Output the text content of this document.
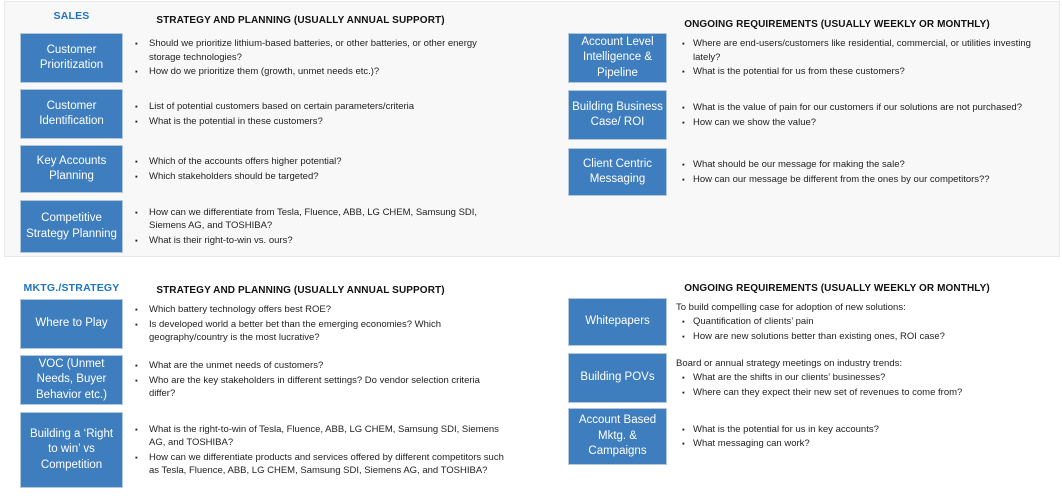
SALES	STRATEGY AND PLANNING (USUALLY ANNUAL SUPPORT)	ONGOING REQUIREMENTS (USUALLY WEEKLY OR MONTHLY)
Customer Prioritization
▪	Should we prioritize lithium-based batteries, or other batteries, or other energy storage technologies?
▪	How do we prioritize them (growth, unmet needs etc.)?
Customer Identification
▪	List of potential customers based on certain parameters/criteria
▪	What is the potential in these customers?
Key Accounts Planning
▪	Which of the accounts offers higher potential?
▪	Which stakeholders should be targeted?
Competitive Strategy Planning
▪	How can we differentiate from Tesla, Fluence, ABB, LG CHEM, Samsung SDI, Siemens AG, and TOSHIBA?
▪	What is their right-to-win vs. ours?
Account Level Intelligence & Pipeline
▪ Where are end-users/customers like residential, commercial, or utilities investing lately?
▪ What is the potential for us from these customers?
Building Business Case/ ROI
▪ What is the value of pain for our customers if our solutions are not purchased?
▪ How can we show the value?
Client Centric Messaging
▪ What should be our message for making the sale?
▪ How can our message be different from the ones by our competitors??
MKTG./STRATEGY	STRATEGY AND PLANNING (USUALLY ANNUAL SUPPORT)	ONGOING REQUIREMENTS (USUALLY WEEKLY OR MONTHLY)
Where to Play
▪	Which battery technology offers best ROE?
▪	Is developed world a better bet than the emerging economies? Which geography/country is the most lucrative?
VOC (Unmet Needs, Buyer Behavior etc.)
▪	What are the unmet needs of customers?
▪	Who are the key stakeholders in different settings? Do vendor selection criteria differ?
Building a ‘Right to win’ vs Competition
▪	What is the right-to-win of Tesla, Fluence, ABB, LG CHEM, Samsung SDI, Siemens AG, and TOSHIBA?
▪	How can we differentiate products and services offered by different competitors such as Tesla, Fluence, ABB, LG CHEM, Samsung SDI, Siemens AG, and TOSHIBA?
Whitepapers
To build compelling case for adoption of new solutions:
▪ Quantification of clients’ pain
▪ How are new solutions better than existing ones, ROI case?
Building POVs
Board or annual strategy meetings on industry trends:
▪ What are the shifts in our clients’ businesses?
▪ Where can they expect their new set of revenues to come from?
Account Based Mktg. & Campaigns
▪ What is the potential for us in key accounts?
▪ What messaging can work?
